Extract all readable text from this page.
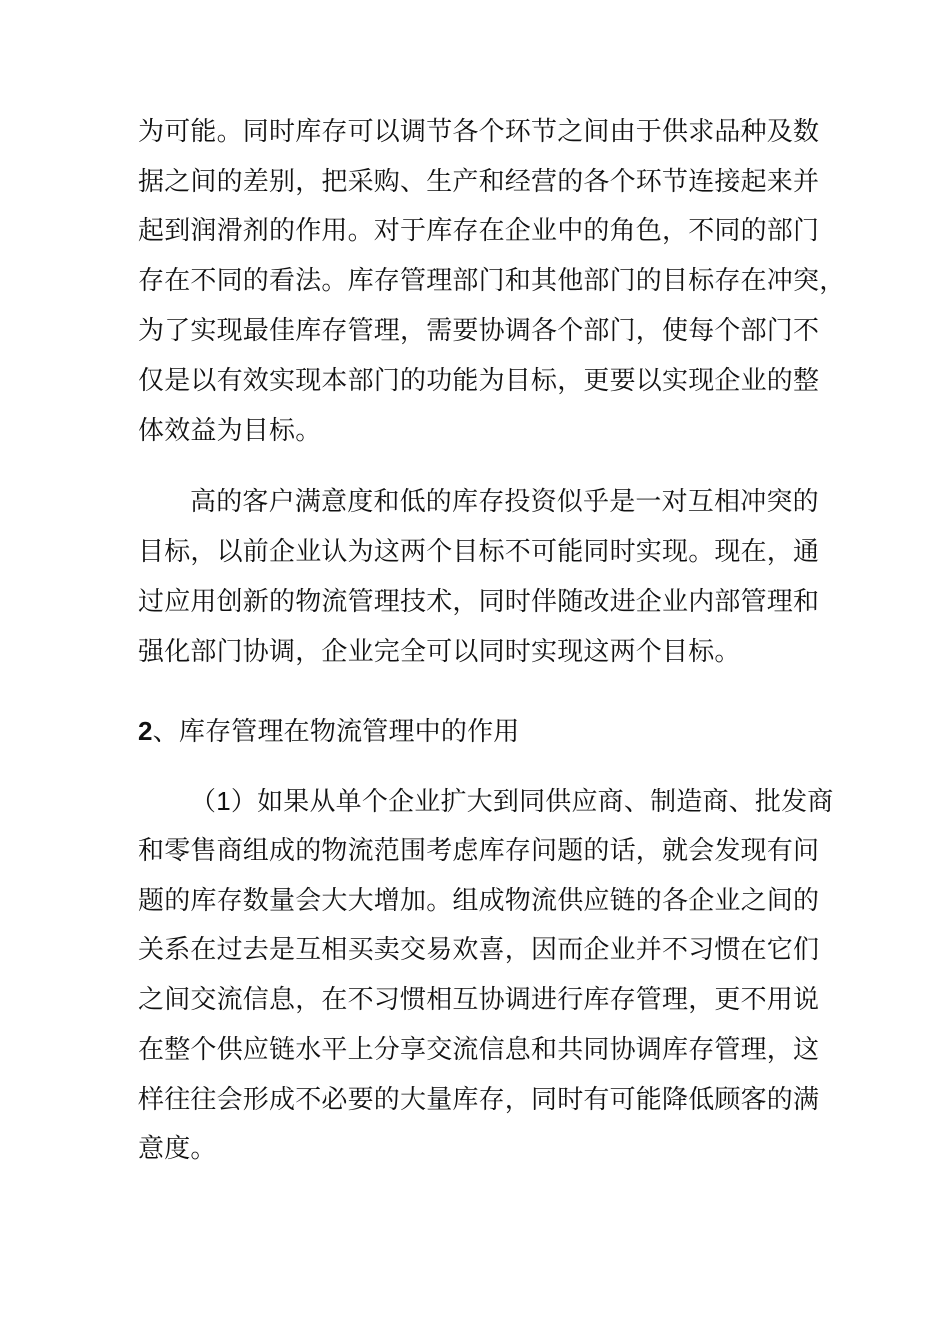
为可能。同时库存可以调节各个环节之间由于供求品种及数
据之间的差别，把采购、生产和经营的各个环节连接起来并
起到润滑剂的作用。对于库存在企业中的角色，不同的部门
存在不同的看法。库存管理部门和其他部门的目标存在冲突，
为了实现最佳库存管理，需要协调各个部门，使每个部门不
仅是以有效实现本部门的功能为目标，更要以实现企业的整
体效益为目标。
高的客户满意度和低的库存投资似乎是一对互相冲突的
目标，以前企业认为这两个目标不可能同时实现。现在，通
过应用创新的物流管理技术，同时伴随改进企业内部管理和
强化部门协调，企业完全可以同时实现这两个目标。
2、库存管理在物流管理中的作用
（1）如果从单个企业扩大到同供应商、制造商、批发商
和零售商组成的物流范围考虑库存问题的话，就会发现有问
题的库存数量会大大增加。组成物流供应链的各企业之间的
关系在过去是互相买卖交易欢喜，因而企业并不习惯在它们
之间交流信息，在不习惯相互协调进行库存管理，更不用说
在整个供应链水平上分享交流信息和共同协调库存管理，这
样往往会形成不必要的大量库存，同时有可能降低顾客的满
意度。
